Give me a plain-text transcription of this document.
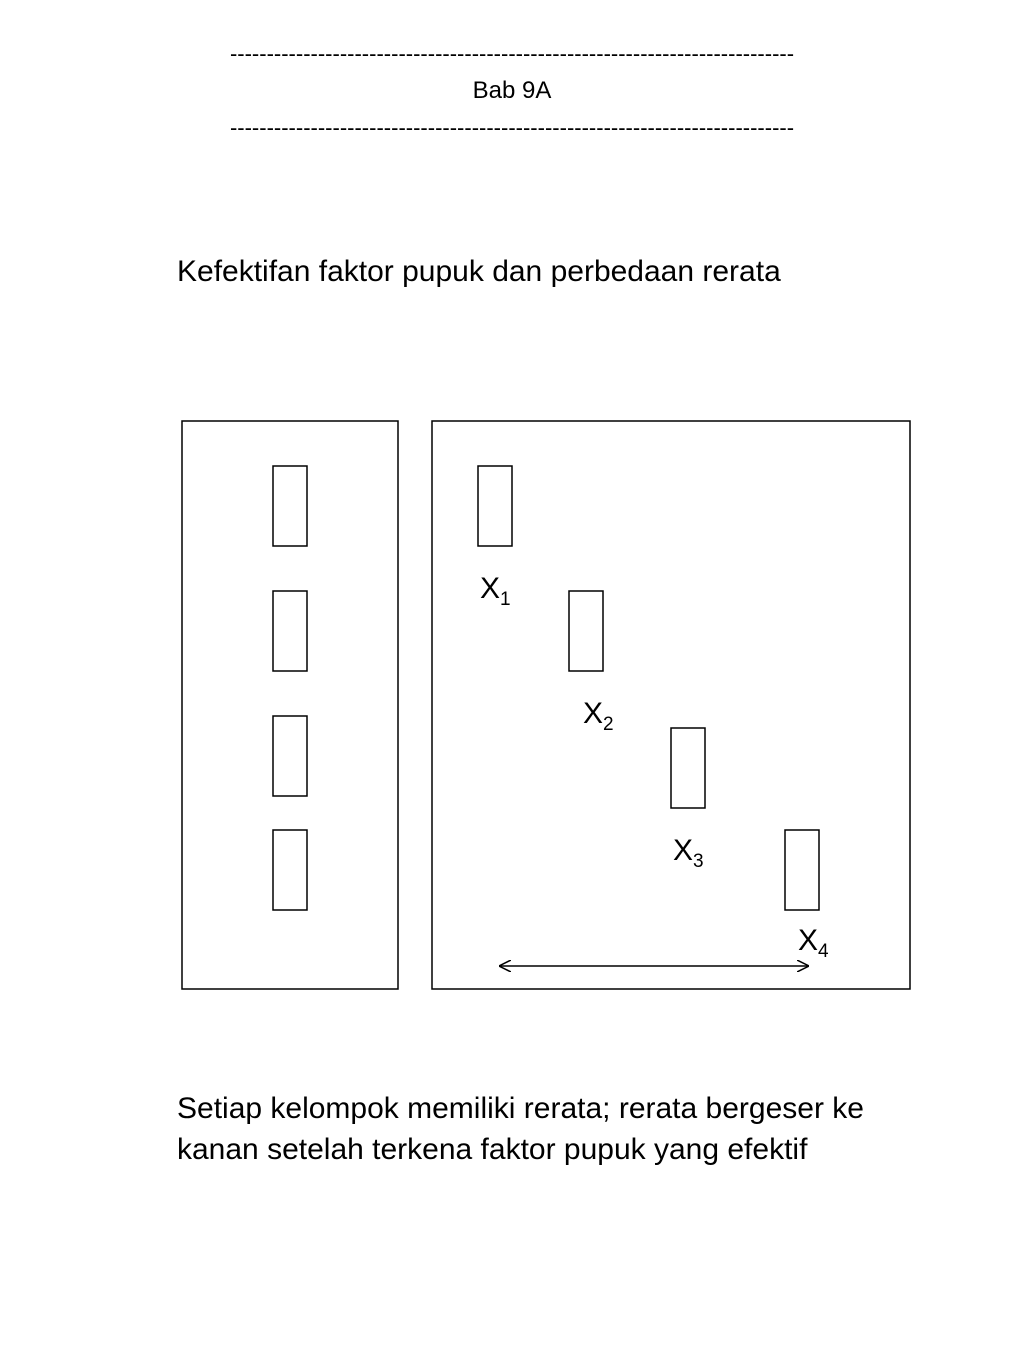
-----------------------------------------------------------------------------
Bab 9A
-----------------------------------------------------------------------------
Kefektifan faktor pupuk dan perbedaan rerata
$X_1$
$X_2$
$X_3$
$X_4$
Setiap kelompok memiliki rerata; rerata bergeser ke
kanan setelah terkena faktor pupuk yang efektif
